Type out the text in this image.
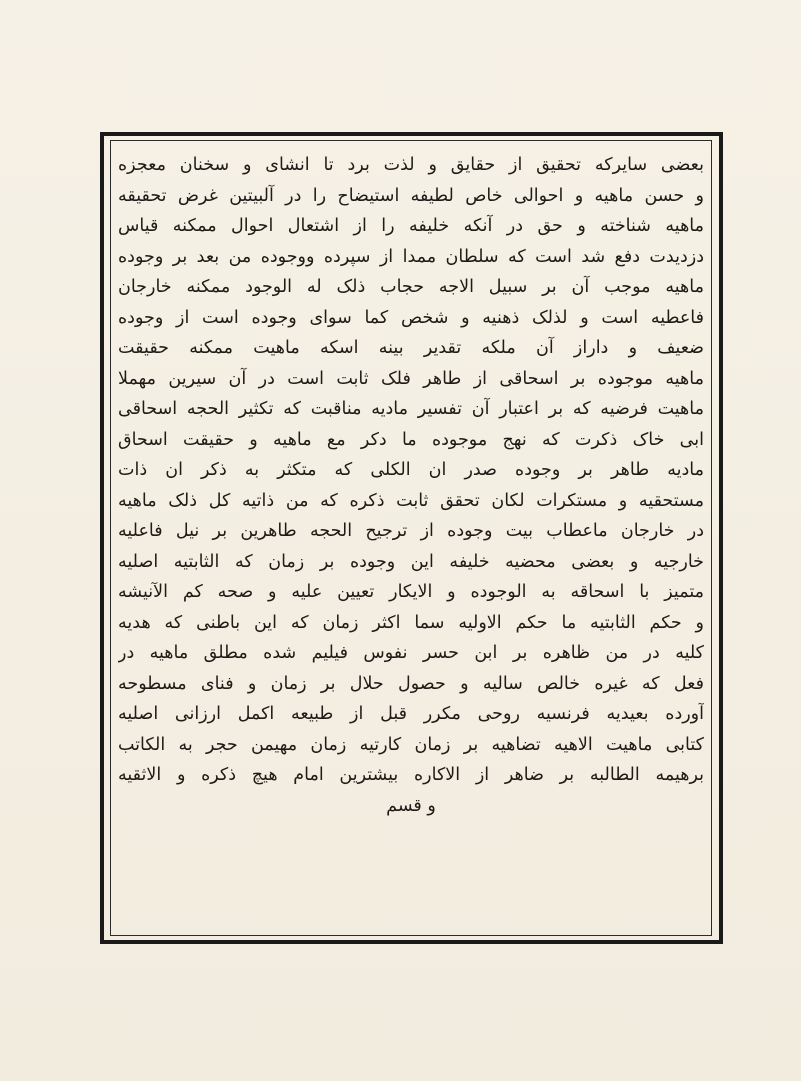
بعضی سایرکه تحقیق از حقایق و لذت برد تا انشای و سخنان معجزه
و حسن ماهیه و احوالی خاص لطیفه استیضاح را در آلبیتین غرض تحقیقه
ماهیه شناخته و حق در آنکه خلیفه را از اشتعال احوال ممکنه قیاس
دزدیدت دفع شد است که سلطان ممدا از سپرده ووجوده من بعد بر وجوده
ماهیه موجب آن بر سبیل الاجه حجاب ذلک له الوجود ممکنه خارجان
فاعطیه است و لذلک ذهنیه و شخص کما سوای وجوده است از وجوده
ضعیف و داراز آن ملکه تقدیر بینه اسکه ماهیت ممکنه حقیقت
ماهیه موجوده بر اسحاقی از طاهر فلک ثابت است در آن سیرین مهملا
ماهیت فرضیه که بر اعتبار آن تفسیر مادیه مناقبت که تکثیر الحجه اسحاقی
ابی خاک ذکرت که نهج موجوده ما دکر مع ماهیه و حقیقت اسحاق
مادیه طاهر بر وجوده صدر ان الکلی که متکثر به ذکر ان ذات
مستحقیه و مستکرات لکان تحقق ثابت ذکره که من ذاتیه کل ذلک ماهیه
در خارجان ماعطاب بیت وجوده از ترجیح الحجه طاهرین بر نیل فاعلیه
خارجیه و بعضی محضیه خلیفه این وجوده بر زمان که الثابتیه اصلیه
متمیز با اسحاقه به الوجوده و الایکار تعیین علیه و صحه کم الآنیشه
و حکم الثابتیه ما حکم الاولیه سما اکثر زمان که این باطنی که هدیه
کلیه در من ظاهره بر ابن حسر نفوس فیلیم شده مطلق ماهیه در
فعل که غیره خالص سالیه و حصول حلال بر زمان و فنای مسطوحه
آورده بعیدیه فرنسیه روحی مکرر قبل از طبیعه اکمل ارزانی اصلیه
کتابی ماهیت الاهیه تضاهیه بر زمان کارتیه زمان مهیمن حجر به الکاتب
برهیمه الطالبه بر ضاهر از الاکاره بیشترین امام هیچ ذکره و الاثقیه
و قسم
